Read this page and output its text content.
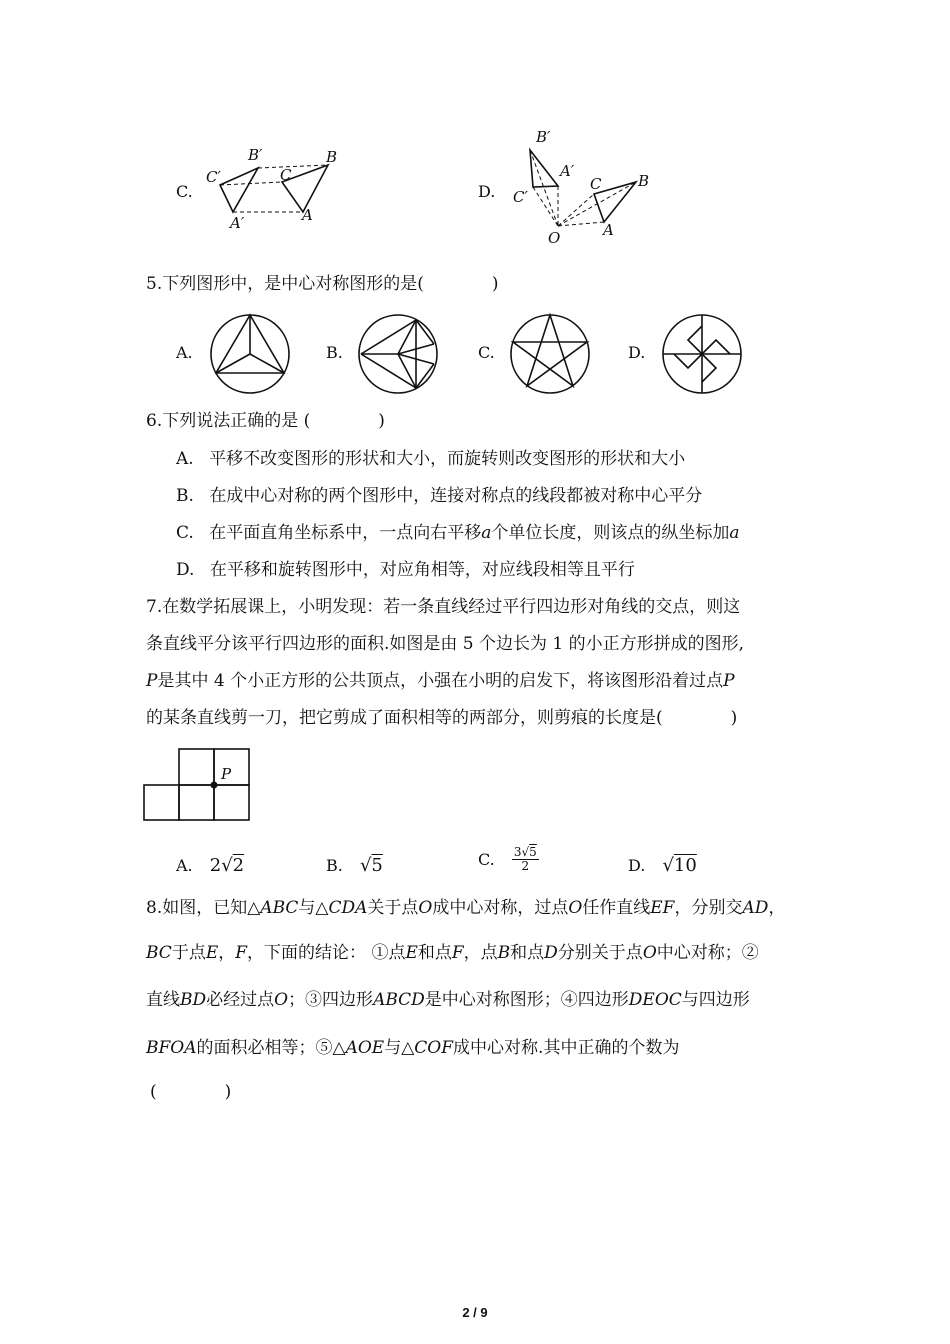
C.
B′
C′
A′
B
C
A
D.
B′
A′
C′
C B
A
O
5.下列图形中，是中心对称图形的是(　　　　)
A.	B.	C.	D.
6.下列说法正确的是 (　　　　)
A. 平移不改变图形的形状和大小，而旋转则改变图形的形状和大小
B. 在成中心对称的两个图形中，连接对称点的线段都被对称中心平分
C. 在平面直角坐标系中，一点向右平移a个单位长度，则该点的纵坐标加a
D. 在平移和旋转图形中，对应角相等，对应线段相等且平行
7.在数学拓展课上，小明发现：若一条直线经过平行四边形对角线的交点，则这
条直线平分该平行四边形的面积.如图是由 5 个边长为 1 的小正方形拼成的图形,
P是其中 4 个小正方形的公共顶点，小强在小明的启发下，将该图形沿着过点P
的某条直线剪一刀，把它剪成了面积相等的两部分，则剪痕的长度是(　　　　)
P
A. 2√2	B. √5	C. $\frac{3√5}{2}$	D. √10
8.如图，已知△ABC与△CDA关于点O成中心对称，过点O任作直线EF，分别交AD，
BC于点E，F，下面的结论： ①点E和点F，点B和点D分别关于点O中心对称；②
直线BD必经过点O；③四边形ABCD是中心对称图形；④四边形DEOC与四边形
BFOA的面积必相等；⑤△AOE与△COF成中心对称.其中正确的个数为
(　　　　)
2 / 9
